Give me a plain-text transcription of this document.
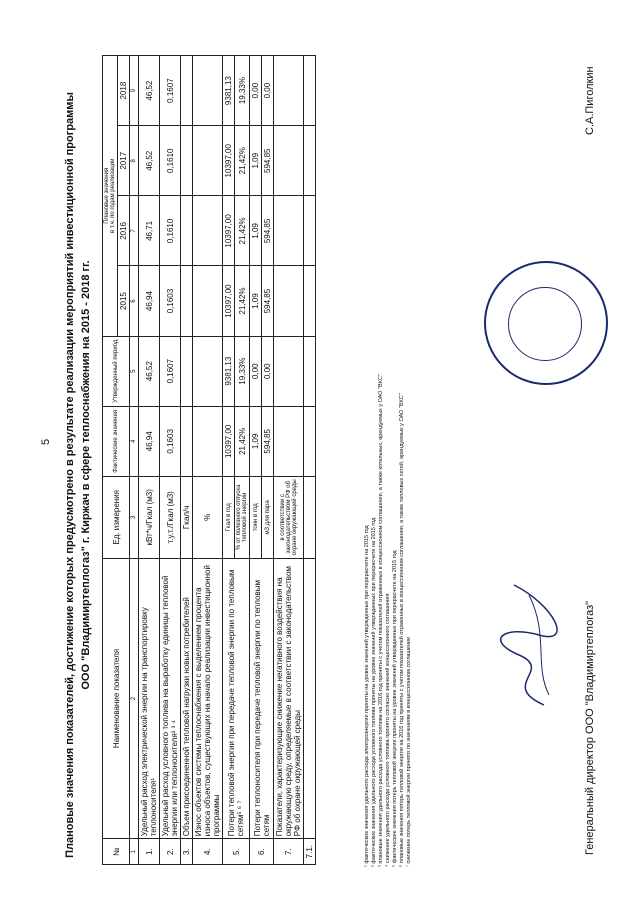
5 Плановые значения показателей, достижение которых предусмотрено в результате реализации мероприятий инвестиционной программы ООО "Владимиртеплогаз" г. Киржач в сфере теплоснабжения на 2015 - 2018 гг.
№	Наименование показателя	Ед. измерения	Фактические значения	Утвержденный период	Плановые значения
в т.ч. по годам реализации			
					2015	2016	2017	2018

1	2	3	4	5	6	7	8	9
1.	Удельный расход электрической энергии на транспортировку теплоносителя¹	кВт*ч/Гкал (м3)	46,94	46,52	46,94	46,71	46,52	46,52
2.	Удельный расход условного топлива на выработку единицы тепловой энергии или теплоносителя² ³ ⁴	т.у.т./Гкал (м3)	0,1603	0,1607	0,1603	0,1610	0,1610	0,1607
3.	Объем присоединенной тепловой нагрузки новых потребителей	Гкал/ч						
4.	Износ объектов системы теплоснабжения с выделением процента износа объектов, существующих на начало реализации инвестиционной программы	%						
5.	Потери тепловой энергии при передаче тепловой энергии по тепловым сетям⁵ ⁶ ⁷	Гкал в год	10397,00	9381,13	10397,00	10397,00	10397,00	9381,13
		% от полезного отпуска тепловой энергии	21,42%	19,33%	21,42%	21,42%	21,42%	19,33%
6.	Потери теплоносителя при передаче тепловой энергии по тепловым сетям	тонн в год	1,09	0,00	1,09	1,09	1,09	0,00
		м3 для пара	594,85	0,00	594,85	594,85	594,85	0,00
7.	Показатели, характеризующие снижение негативного воздействия на окружающую среду, определяемые в соответствии с законодательством РФ об охране окружающей среды	в соответствии с законодательством РФ об охране окружающей среды						
7.1.									¹ фактические значения удельного расхода электроэнергии приняты на уровне значений утвержденных при перерасчете на 2015 год ² фактические значения удельного расхода условного топлива приняты на уровне значений утвержденных при перерасчете на 2015 год ³ плановые значения удельного расхода условного топлива на 2016 год приняты с учетом показателей отраженных в концессионном соглашении, а также котельных, арендуемых у ОАО "ВКС" ⁴ снижение удельного расхода условного топлива принято согласно значений концессионного соглашения ⁵ фактические значения потерь тепловой энергии приняты на уровне значений утвержденных при перерасчете на 2015 год ⁶ плановые значения потерь тепловой энергии на 2016 год приняты с учетом показателей отраженных в концессионном соглашении, а также тепловых сетей, арендуемых у ОАО "ВКС" ⁷ снижение потерь тепловой энергии принято по значениям в концессионном соглашении	Генеральный директор ООО "Владимиртеплогаз"
С.А.Пиголкин
